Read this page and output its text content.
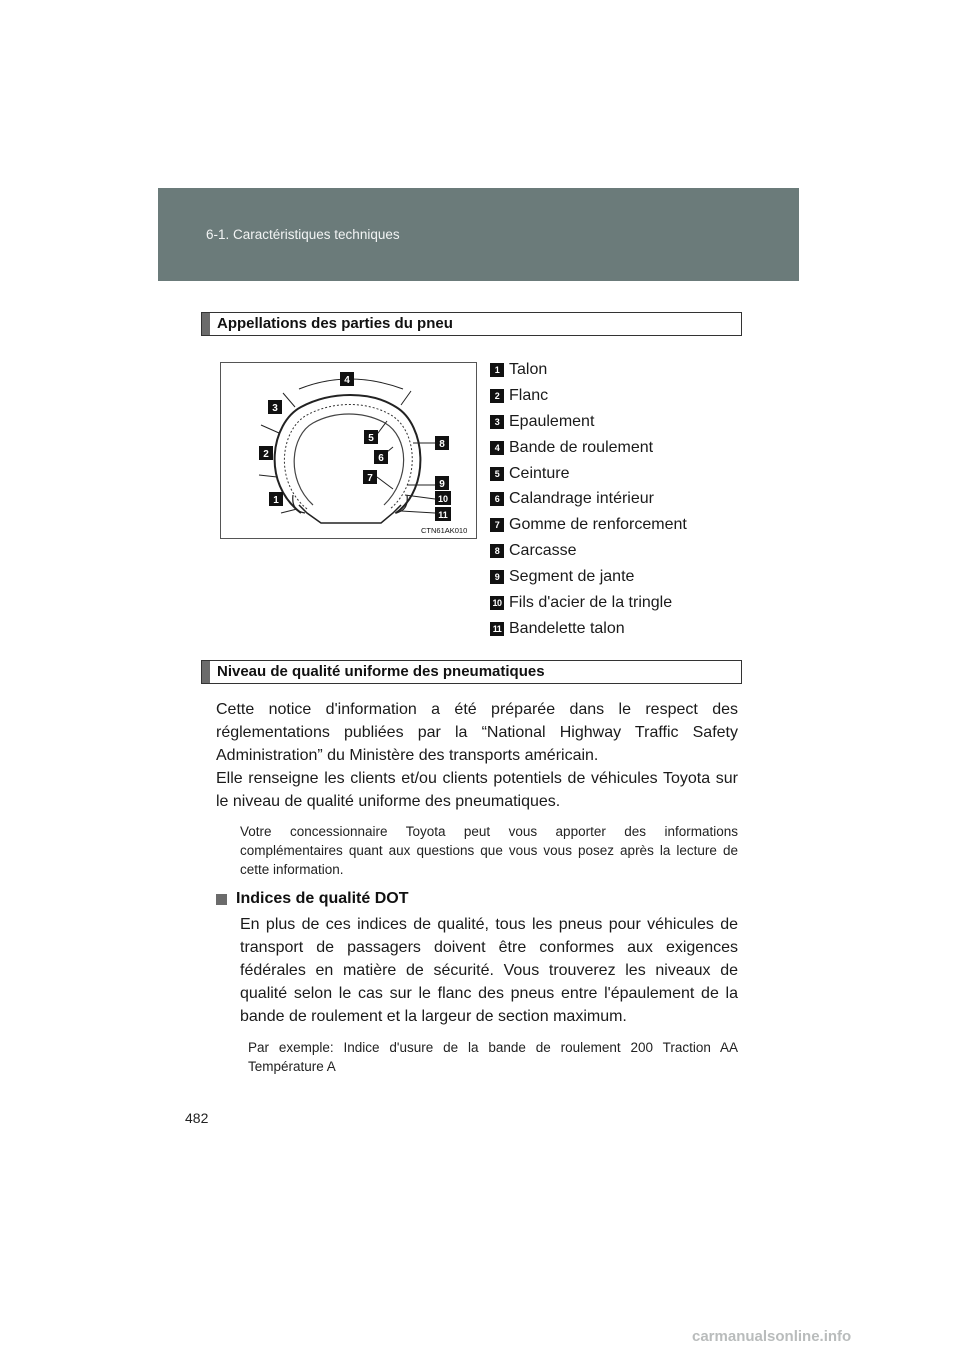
6-1. Caractéristiques techniques
Appellations des parties du pneu
1
2
3
4
5
6
7
8
9
10
11
CTN61AK010
1 Talon
2 Flanc
3 Epaulement
4 Bande de roulement
5 Ceinture
6 Calandrage intérieur
7 Gomme de renforcement
8 Carcasse
9 Segment de jante
10 Fils d'acier de la tringle
11 Bandelette talon
Niveau de qualité uniforme des pneumatiques

Cette notice d'information a été préparée dans le respect des réglementations publiées par la “National Highway Traffic Safety Administration” du Ministère des transports américain.

Elle renseigne les clients et/ou clients potentiels de véhicules Toyota sur le niveau de qualité uniforme des pneumatiques.

Votre concessionnaire Toyota peut vous apporter des informations complémentaires quant aux questions que vous vous posez après la lecture de cette information.

Indices de qualité DOT

En plus de ces indices de qualité, tous les pneus pour véhicules de transport de passagers doivent être conformes aux exigences fédérales en matière de sécurité. Vous trouverez les niveaux de qualité selon le cas sur le flanc des pneus entre l'épaulement de la bande de roulement et la largeur de section maximum.

Par exemple: Indice d'usure de la bande de roulement 200 Traction AA Température A

482
carmanualsonline.info
